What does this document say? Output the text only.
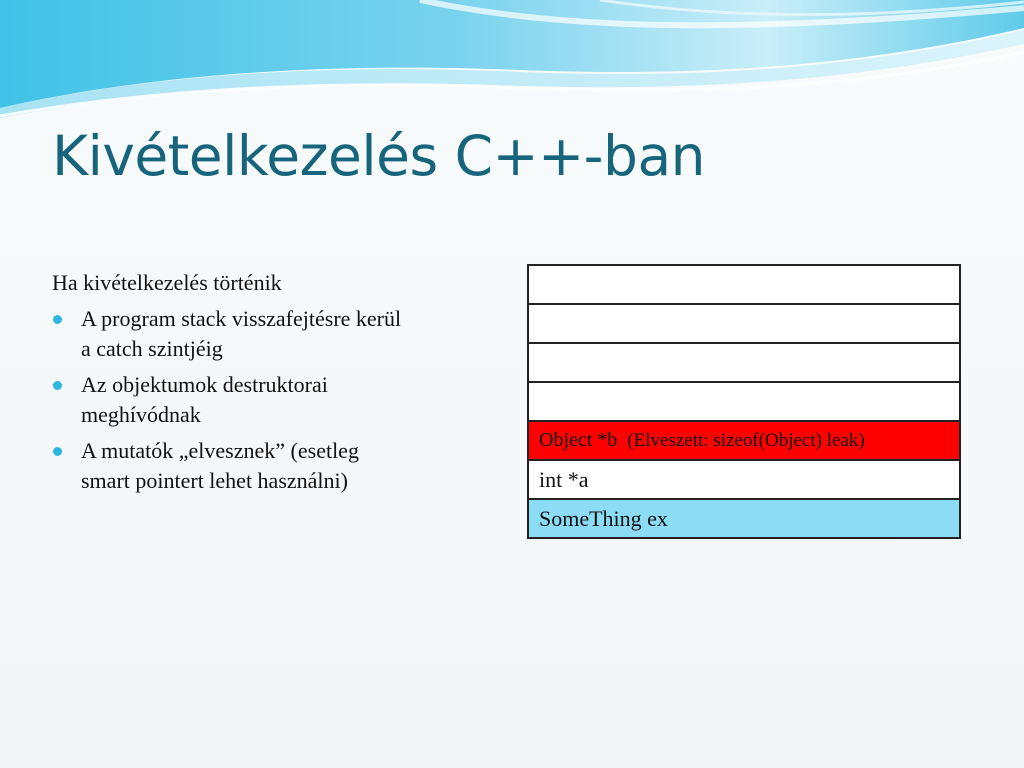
Kivételkezelés C++-ban

Ha kivételkezelés történik

A program stack visszafejtésre kerül
a catch szintjéig
Az objektumok destruktorai
meghívódnak
A mutatók „elvesznek” (esetleg
smart pointert lehet használni)

Object *b (Elveszett: sizeof(Object) leak)
int *a
SomeThing ex
